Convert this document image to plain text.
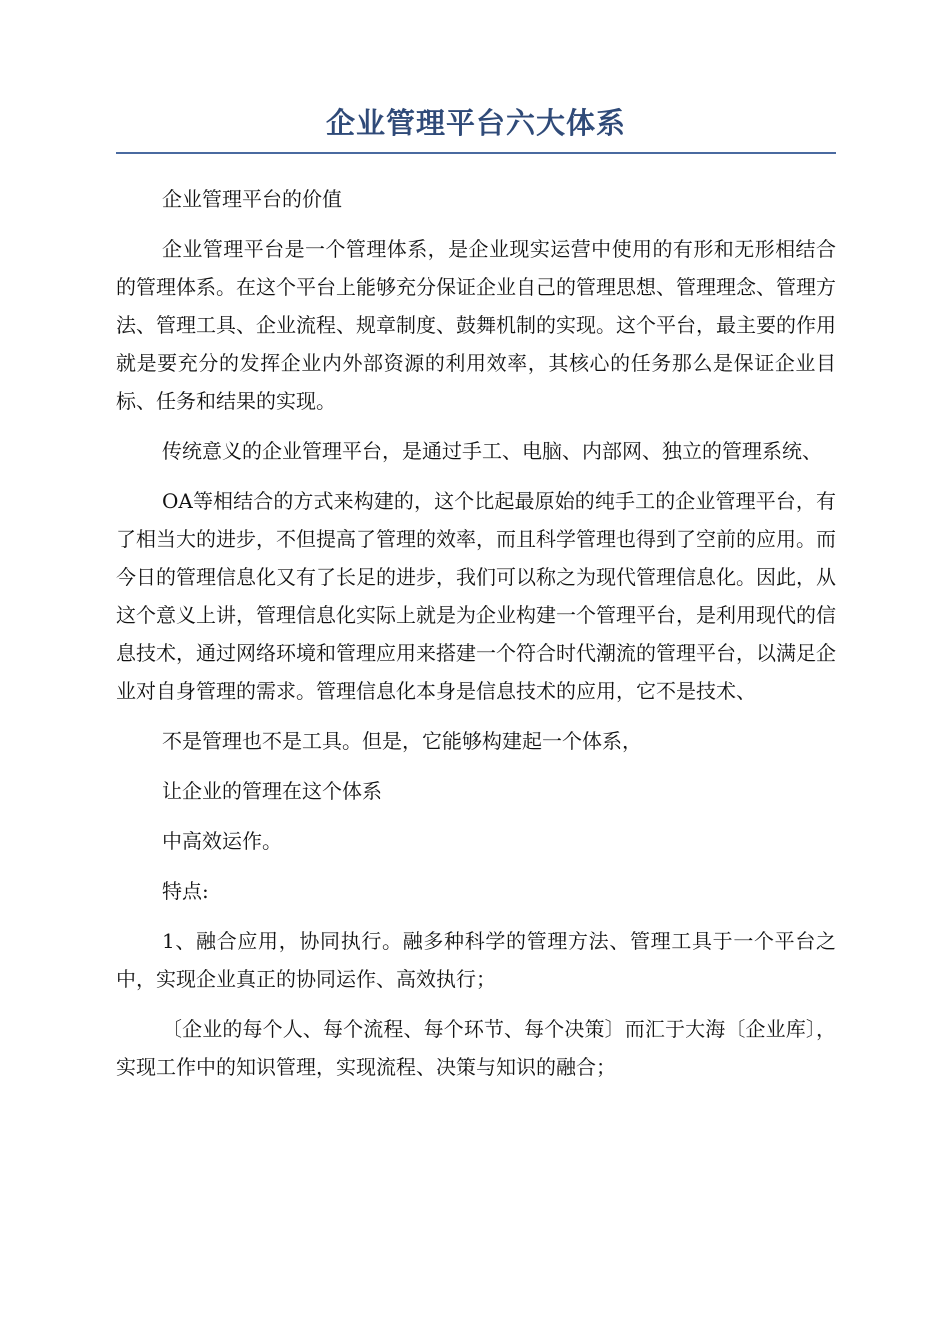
企业管理平台六大体系

企业管理平台的价值

企业管理平台是一个管理体系，是企业现实运营中使用的有形和无形相结合的管理体系。在这个平台上能够充分保证企业自己的管理思想、管理理念、管理方法、管理工具、企业流程、规章制度、鼓舞机制的实现。这个平台，最主要的作用就是要充分的发挥企业内外部资源的利用效率，其核心的任务那么是保证企业目标、任务和结果的实现。

传统意义的企业管理平台，是通过手工、电脑、内部网、独立的管理系统、

OA等相结合的方式来构建的，这个比起最原始的纯手工的企业管理平台，有了相当大的进步，不但提高了管理的效率，而且科学管理也得到了空前的应用。而今日的管理信息化又有了长足的进步，我们可以称之为现代管理信息化。因此，从这个意义上讲，管理信息化实际上就是为企业构建一个管理平台，是利用现代的信息技术，通过网络环境和管理应用来搭建一个符合时代潮流的管理平台，以满足企业对自身管理的需求。管理信息化本身是信息技术的应用，它不是技术、

不是管理也不是工具。但是，它能够构建起一个体系，

让企业的管理在这个体系

中高效运作。

特点:

1、融合应用，协同执行。融多种科学的管理方法、管理工具于一个平台之中，实现企业真正的协同运作、高效执行；

〔企业的每个人、每个流程、每个环节、每个决策〕而汇于大海〔企业库〕，实现工作中的知识管理，实现流程、决策与知识的融合；
